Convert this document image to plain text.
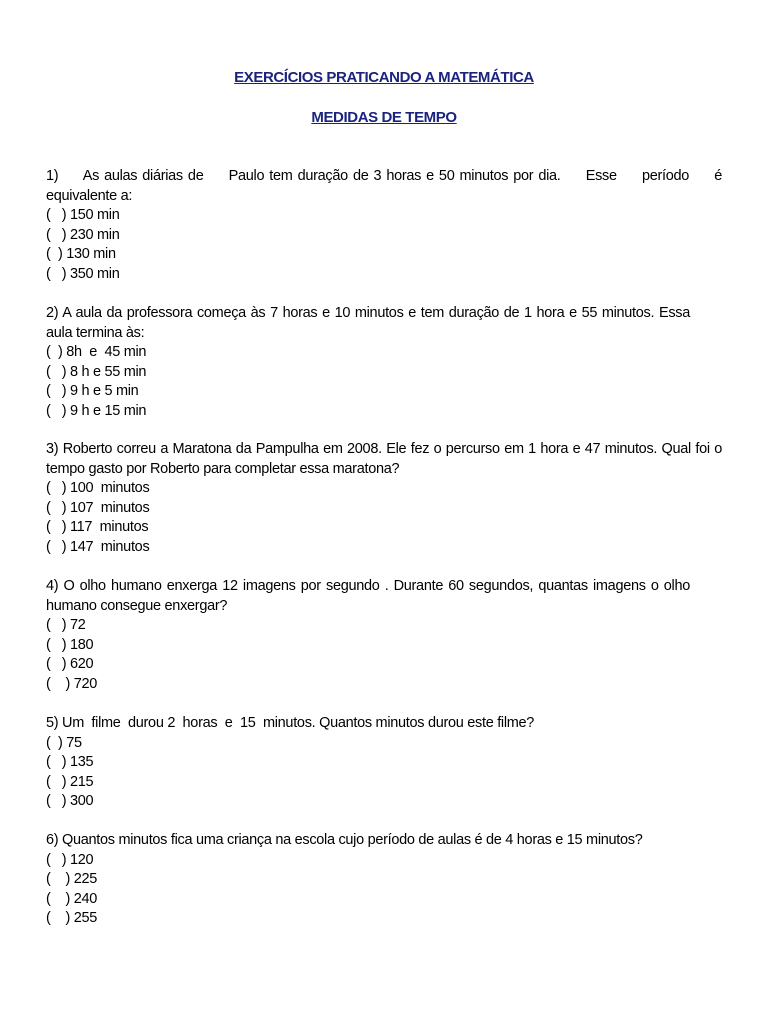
EXERCÍCIOS PRATICANDO A MATEMÁTICA
MEDIDAS DE TEMPO
1)     As aulas diárias de     Paulo tem duração de 3 horas e 50 minutos por dia.     Esse     período     é equivalente a:
(   ) 150 min
(   ) 230 min
(  ) 130 min
(   ) 350 min
2) A aula da professora começa às 7 horas e 10 minutos e tem duração de 1 hora e 55 minutos. Essa aula termina às:
(  ) 8h  e  45 min
(   ) 8 h e 55 min
(   ) 9 h e 5 min
(   ) 9 h e 15 min
3) Roberto correu a Maratona da Pampulha em 2008. Ele fez o percurso em 1 hora e 47 minutos. Qual foi o tempo gasto por Roberto para completar essa maratona?
(   ) 100  minutos
(   ) 107  minutos
(   ) 117  minutos
(   ) 147  minutos
4) O olho humano enxerga 12 imagens por segundo . Durante 60 segundos, quantas imagens o olho humano consegue enxergar?
(   ) 72
(   ) 180
(   ) 620
(    ) 720
5) Um  filme  durou 2  horas  e  15  minutos. Quantos minutos durou este filme?
(  ) 75
(   ) 135
(   ) 215
(   ) 300
6) Quantos minutos fica uma criança na escola cujo período de aulas é de 4 horas e 15 minutos?
(   ) 120
(    ) 225
(    ) 240
(    ) 255
